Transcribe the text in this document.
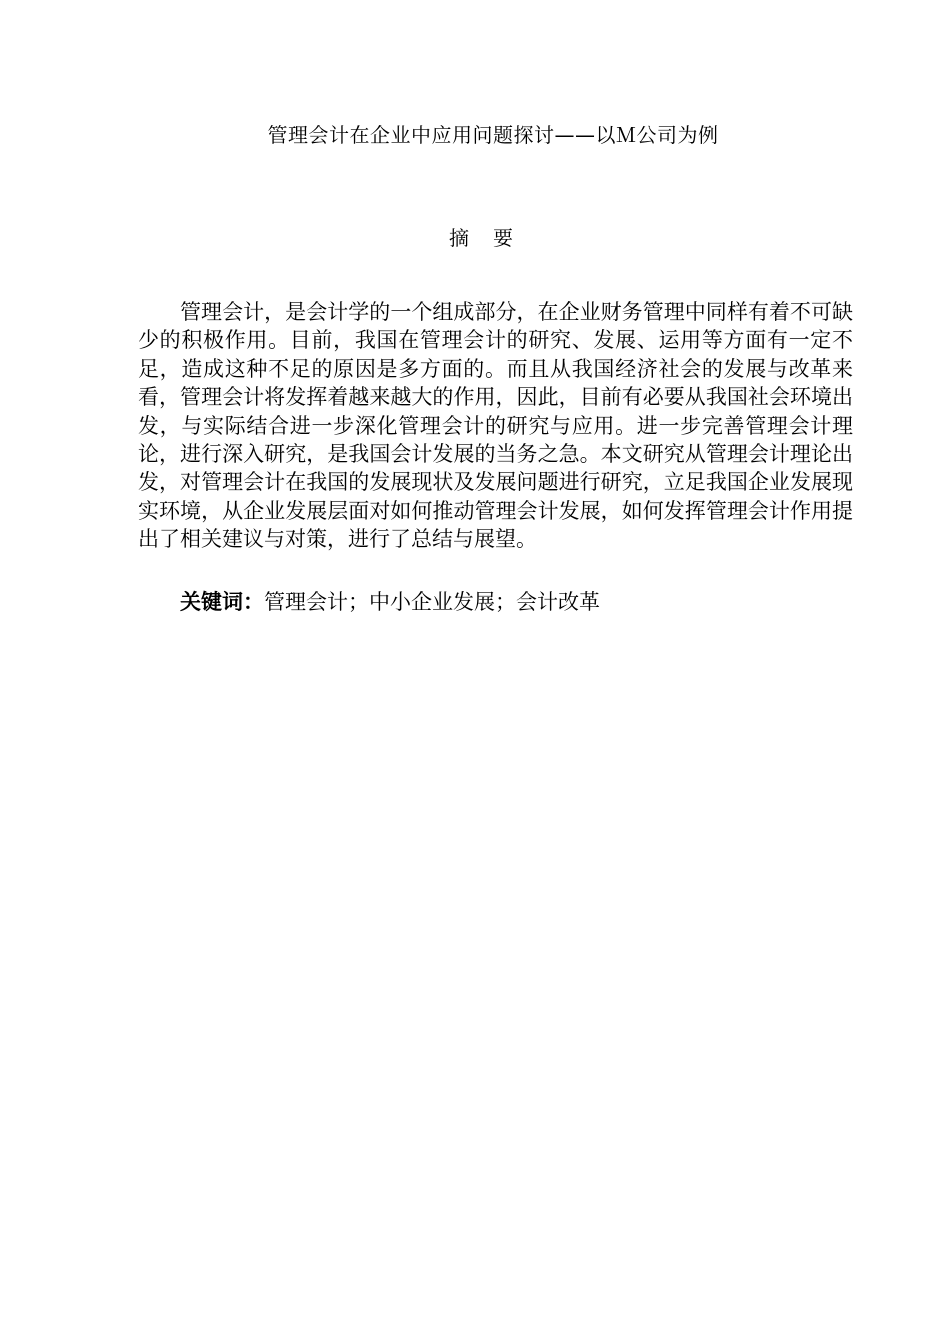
管理会计在企业中应用问题探讨——以Ｍ公司为例
摘要

管理会计，是会计学的一个组成部分，在企业财务管理中同样有着不可缺少的积极作用。目前，我国在管理会计的研究、发展、运用等方面有一定不足，造成这种不足的原因是多方面的。而且从我国经济社会的发展与改革来看，管理会计将发挥着越来越大的作用，因此，目前有必要从我国社会环境出发，与实际结合进一步深化管理会计的研究与应用。进一步完善管理会计理论，进行深入研究，是我国会计发展的当务之急。本文研究从管理会计理论出发，对管理会计在我国的发展现状及发展问题进行研究，立足我国企业发展现实环境，从企业发展层面对如何推动管理会计发展，如何发挥管理会计作用提出了相关建议与对策，进行了总结与展望。

关键词：管理会计；中小企业发展；会计改革
